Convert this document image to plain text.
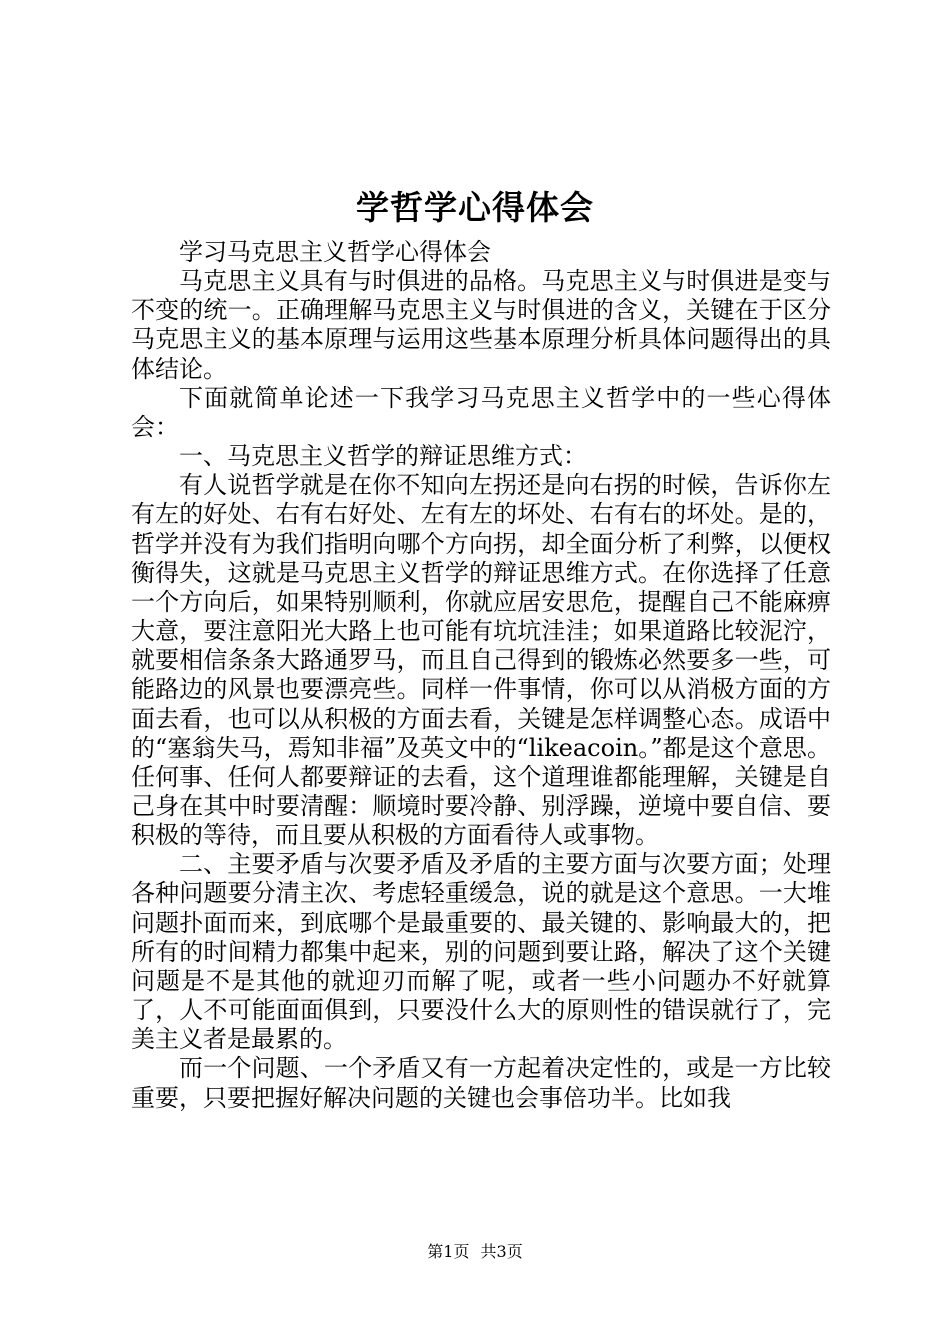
学哲学心得体会

学习马克思主义哲学心得体会

马克思主义具有与时俱进的品格。马克思主义与时俱进是变与不变的统一。正确理解马克思主义与时俱进的含义，关键在于区分马克思主义的基本原理与运用这些基本原理分析具体问题得出的具体结论。

下面就简单论述一下我学习马克思主义哲学中的一些心得体会：

一、马克思主义哲学的辩证思维方式：

有人说哲学就是在你不知向左拐还是向右拐的时候，告诉你左有左的好处、右有右好处、左有左的坏处、右有右的坏处。是的，哲学并没有为我们指明向哪个方向拐，却全面分析了利弊，以便权衡得失，这就是马克思主义哲学的辩证思维方式。在你选择了任意一个方向后，如果特别顺利，你就应居安思危，提醒自己不能麻痹大意，要注意阳光大路上也可能有坑坑洼洼；如果道路比较泥泞，就要相信条条大路通罗马，而且自己得到的锻炼必然要多一些，可能路边的风景也要漂亮些。同样一件事情，你可以从消极方面的方面去看，也可以从积极的方面去看，关键是怎样调整心态。成语中的“塞翁失马，焉知非福”及英文中的“likeacoin。”都是这个意思。任何事、任何人都要辩证的去看，这个道理谁都能理解，关键是自己身在其中时要清醒：顺境时要冷静、别浮躁，逆境中要自信、要积极的等待，而且要从积极的方面看待人或事物。

二、主要矛盾与次要矛盾及矛盾的主要方面与次要方面；处理各种问题要分清主次、考虑轻重缓急，说的就是这个意思。一大堆问题扑面而来，到底哪个是最重要的、最关键的、影响最大的，把所有的时间精力都集中起来，别的问题到要让路，解决了这个关键问题是不是其他的就迎刃而解了呢，或者一些小问题办不好就算了，人不可能面面俱到，只要没什么大的原则性的错误就行了，完美主义者是最累的。

而一个问题、一个矛盾又有一方起着决定性的，或是一方比较重要，只要把握好解决问题的关键也会事倍功半。比如我

第1页 共3页
